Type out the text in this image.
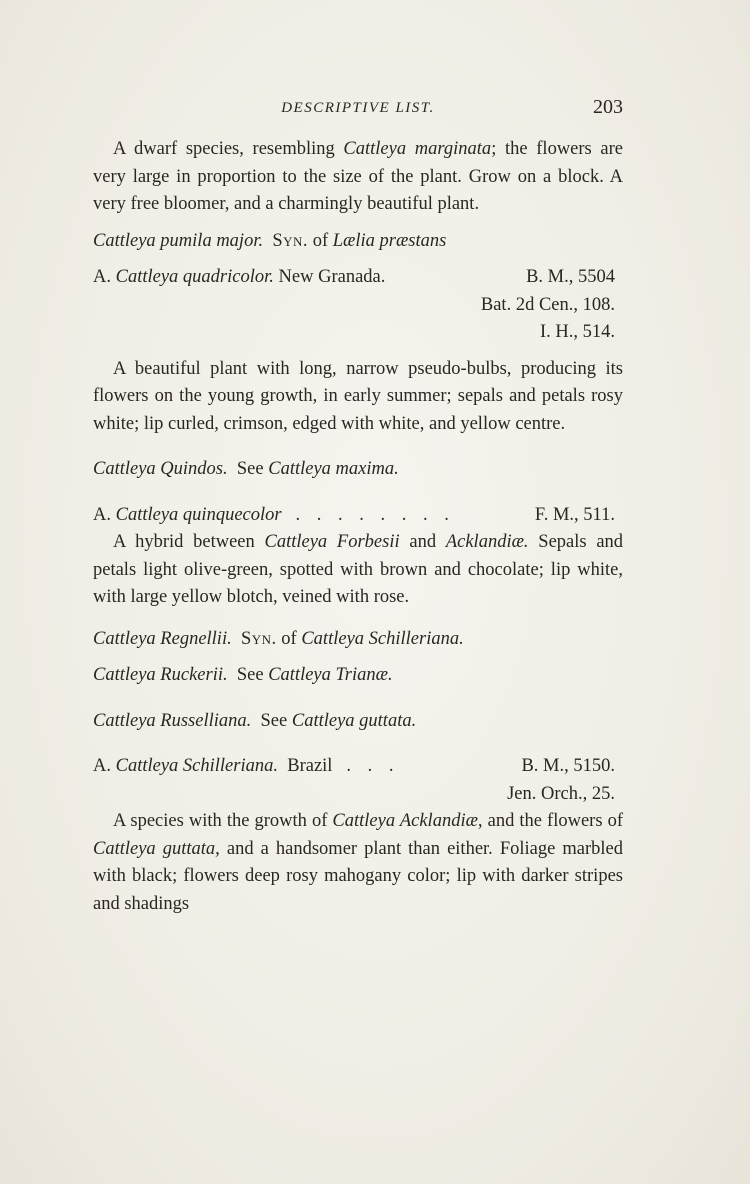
DESCRIPTIVE LIST.	203

A dwarf species, resembling Cattleya marginata; the flowers are very large in proportion to the size of the plant. Grow on a block. A very free bloomer, and a charmingly beautiful plant.

Cattleya pumila major. Syn. of Lælia præstans

A. Cattleya quadricolor. New Granada.	B. M., 5504

Bat. 2d Cen., 108.
I. H., 514.

A beautiful plant with long, narrow pseudo-bulbs, producing its flowers on the young growth, in early summer; sepals and petals rosy white; lip curled, crimson, edged with white, and yellow centre.

Cattleya Quindos. See Cattleya maxima.

A. Cattleya quinquecolor . . . . . . . .	F. M., 511.

A hybrid between Cattleya Forbesii and Acklandiæ. Sepals and petals light olive-green, spotted with brown and chocolate; lip white, with large yellow blotch, veined with rose.

Cattleya Regnellii. Syn. of Cattleya Schilleriana.

Cattleya Ruckerii. See Cattleya Trianæ.

Cattleya Russelliana. See Cattleya guttata.

A. Cattleya Schilleriana. Brazil . . .	B. M., 5150.

Jen. Orch., 25.

A species with the growth of Cattleya Acklandiæ, and the flowers of Cattleya guttata, and a handsomer plant than either. Foliage marbled with black; flowers deep rosy mahogany color; lip with darker stripes and shadings
